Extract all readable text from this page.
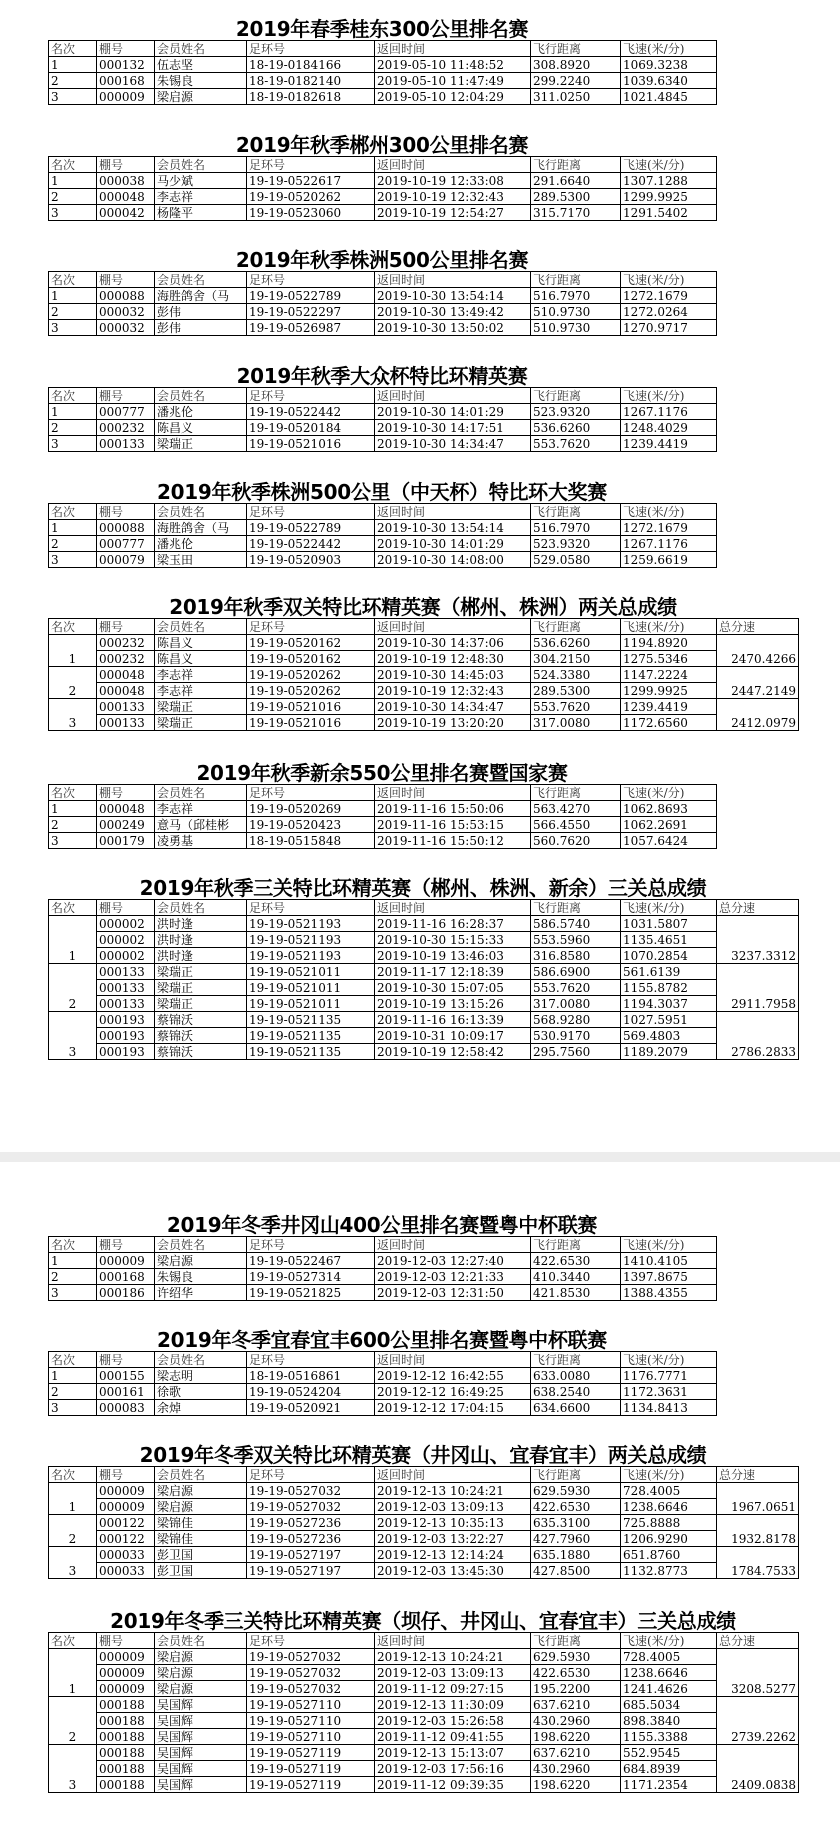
2019年春季桂东300公里排名赛
名次	棚号	会员姓名	足环号	返回时间	飞行距离	飞速(米/分)
1	000132	伍志坚	18-19-0184166	2019-05-10 11:48:52	308.8920	1069.3238
2	000168	朱锡良	18-19-0182140	2019-05-10 11:47:49	299.2240	1039.6340
3	000009	梁启源	18-19-0182618	2019-05-10 12:04:29	311.0250	1021.4845
2019年秋季郴州300公里排名赛
名次	棚号	会员姓名	足环号	返回时间	飞行距离	飞速(米/分)
1	000038	马少斌	19-19-0522617	2019-10-19 12:33:08	291.6640	1307.1288
2	000048	李志祥	19-19-0520262	2019-10-19 12:32:43	289.5300	1299.9925
3	000042	杨隆平	19-19-0523060	2019-10-19 12:54:27	315.7170	1291.5402
2019年秋季株洲500公里排名赛
名次	棚号	会员姓名	足环号	返回时间	飞行距离	飞速(米/分)
1	000088	海胜鸽舍（马	19-19-0522789	2019-10-30 13:54:14	516.7970	1272.1679
2	000032	彭伟	19-19-0522297	2019-10-30 13:49:42	510.9730	1272.0264
3	000032	彭伟	19-19-0526987	2019-10-30 13:50:02	510.9730	1270.9717
2019年秋季大众杯特比环精英赛
名次	棚号	会员姓名	足环号	返回时间	飞行距离	飞速(米/分)
1	000777	潘兆伦	19-19-0522442	2019-10-30 14:01:29	523.9320	1267.1176
2	000232	陈昌义	19-19-0520184	2019-10-30 14:17:51	536.6260	1248.4029
3	000133	梁瑞正	19-19-0521016	2019-10-30 14:34:47	553.7620	1239.4419
2019年秋季株洲500公里（中天杯）特比环大奖赛
名次	棚号	会员姓名	足环号	返回时间	飞行距离	飞速(米/分)
1	000088	海胜鸽舍（马	19-19-0522789	2019-10-30 13:54:14	516.7970	1272.1679
2	000777	潘兆伦	19-19-0522442	2019-10-30 14:01:29	523.9320	1267.1176
3	000079	梁玉田	19-19-0520903	2019-10-30 14:08:00	529.0580	1259.6619
2019年秋季双关特比环精英赛（郴州、株洲）两关总成绩
名次	棚号	会员姓名	足环号	返回时间	飞行距离	飞速(米/分)	总分速
1	000232	陈昌义	19-19-0520162	2019-10-30 14:37:06	536.6260	1194.8920	2470.4266
	000232	陈昌义	19-19-0520162	2019-10-19 12:48:30	304.2150	1275.5346	
2	000048	李志祥	19-19-0520262	2019-10-30 14:45:03	524.3380	1147.2224	2447.2149
	000048	李志祥	19-19-0520262	2019-10-19 12:32:43	289.5300	1299.9925	
3	000133	梁瑞正	19-19-0521016	2019-10-30 14:34:47	553.7620	1239.4419	2412.0979
	000133	梁瑞正	19-19-0521016	2019-10-19 13:20:20	317.0080	1172.6560	
2019年秋季新余550公里排名赛暨国家赛
名次	棚号	会员姓名	足环号	返回时间	飞行距离	飞速(米/分)
1	000048	李志祥	19-19-0520269	2019-11-16 15:50:06	563.4270	1062.8693
2	000249	意马（邱桂彬	19-19-0520423	2019-11-16 15:53:15	566.4550	1062.2691
3	000179	凌勇基	18-19-0515848	2019-11-16 15:50:12	560.7620	1057.6424
2019年秋季三关特比环精英赛（郴州、株洲、新余）三关总成绩
名次	棚号	会员姓名	足环号	返回时间	飞行距离	飞速(米/分)	总分速
1	000002	洪时逢	19-19-0521193	2019-11-16 16:28:37	586.5740	1031.5807	3237.3312
	000002	洪时逢	19-19-0521193	2019-10-30 15:15:33	553.5960	1135.4651	
	000002	洪时逢	19-19-0521193	2019-10-19 13:46:03	316.8580	1070.2854	
2	000133	梁瑞正	19-19-0521011	2019-11-17 12:18:39	586.6900	561.6139	2911.7958
	000133	梁瑞正	19-19-0521011	2019-10-30 15:07:05	553.7620	1155.8782	
	000133	梁瑞正	19-19-0521011	2019-10-19 13:15:26	317.0080	1194.3037	
3	000193	蔡锦沃	19-19-0521135	2019-11-16 16:13:39	568.9280	1027.5951	2786.2833
	000193	蔡锦沃	19-19-0521135	2019-10-31 10:09:17	530.9170	569.4803	
	000193	蔡锦沃	19-19-0521135	2019-10-19 12:58:42	295.7560	1189.2079	
2019年冬季井冈山400公里排名赛暨粤中杯联赛
名次	棚号	会员姓名	足环号	返回时间	飞行距离	飞速(米/分)
1	000009	梁启源	19-19-0522467	2019-12-03 12:27:40	422.6530	1410.4105
2	000168	朱锡良	19-19-0527314	2019-12-03 12:21:33	410.3440	1397.8675
3	000186	许绍华	19-19-0521825	2019-12-03 12:31:50	421.8530	1388.4355
2019年冬季宜春宜丰600公里排名赛暨粤中杯联赛
名次	棚号	会员姓名	足环号	返回时间	飞行距离	飞速(米/分)
1	000155	梁志明	18-19-0516861	2019-12-12 16:42:55	633.0080	1176.7771
2	000161	徐歌	19-19-0524204	2019-12-12 16:49:25	638.2540	1172.3631
3	000083	余焯	19-19-0520921	2019-12-12 17:04:15	634.6600	1134.8413
2019年冬季双关特比环精英赛（井冈山、宜春宜丰）两关总成绩
名次	棚号	会员姓名	足环号	返回时间	飞行距离	飞速(米/分)	总分速
1	000009	梁启源	19-19-0527032	2019-12-13 10:24:21	629.5930	728.4005	1967.0651
	000009	梁启源	19-19-0527032	2019-12-03 13:09:13	422.6530	1238.6646	
2	000122	梁锦佳	19-19-0527236	2019-12-13 10:35:13	635.3100	725.8888	1932.8178
	000122	梁锦佳	19-19-0527236	2019-12-03 13:22:27	427.7960	1206.9290	
3	000033	彭卫国	19-19-0527197	2019-12-13 12:14:24	635.1880	651.8760	1784.7533
	000033	彭卫国	19-19-0527197	2019-12-03 13:45:30	427.8500	1132.8773	
2019年冬季三关特比环精英赛（坝仔、井冈山、宜春宜丰）三关总成绩
名次	棚号	会员姓名	足环号	返回时间	飞行距离	飞速(米/分)	总分速
1	000009	梁启源	19-19-0527032	2019-12-13 10:24:21	629.5930	728.4005	3208.5277
	000009	梁启源	19-19-0527032	2019-12-03 13:09:13	422.6530	1238.6646	
	000009	梁启源	19-19-0527032	2019-11-12 09:27:15	195.2200	1241.4626	
2	000188	吴国辉	19-19-0527110	2019-12-13 11:30:09	637.6210	685.5034	2739.2262
	000188	吴国辉	19-19-0527110	2019-12-03 15:26:58	430.2960	898.3840	
	000188	吴国辉	19-19-0527110	2019-11-12 09:41:55	198.6220	1155.3388	
3	000188	吴国辉	19-19-0527119	2019-12-13 15:13:07	637.6210	552.9545	2409.0838
	000188	吴国辉	19-19-0527119	2019-12-03 17:56:16	430.2960	684.8939	
	000188	吴国辉	19-19-0527119	2019-11-12 09:39:35	198.6220	1171.2354	
